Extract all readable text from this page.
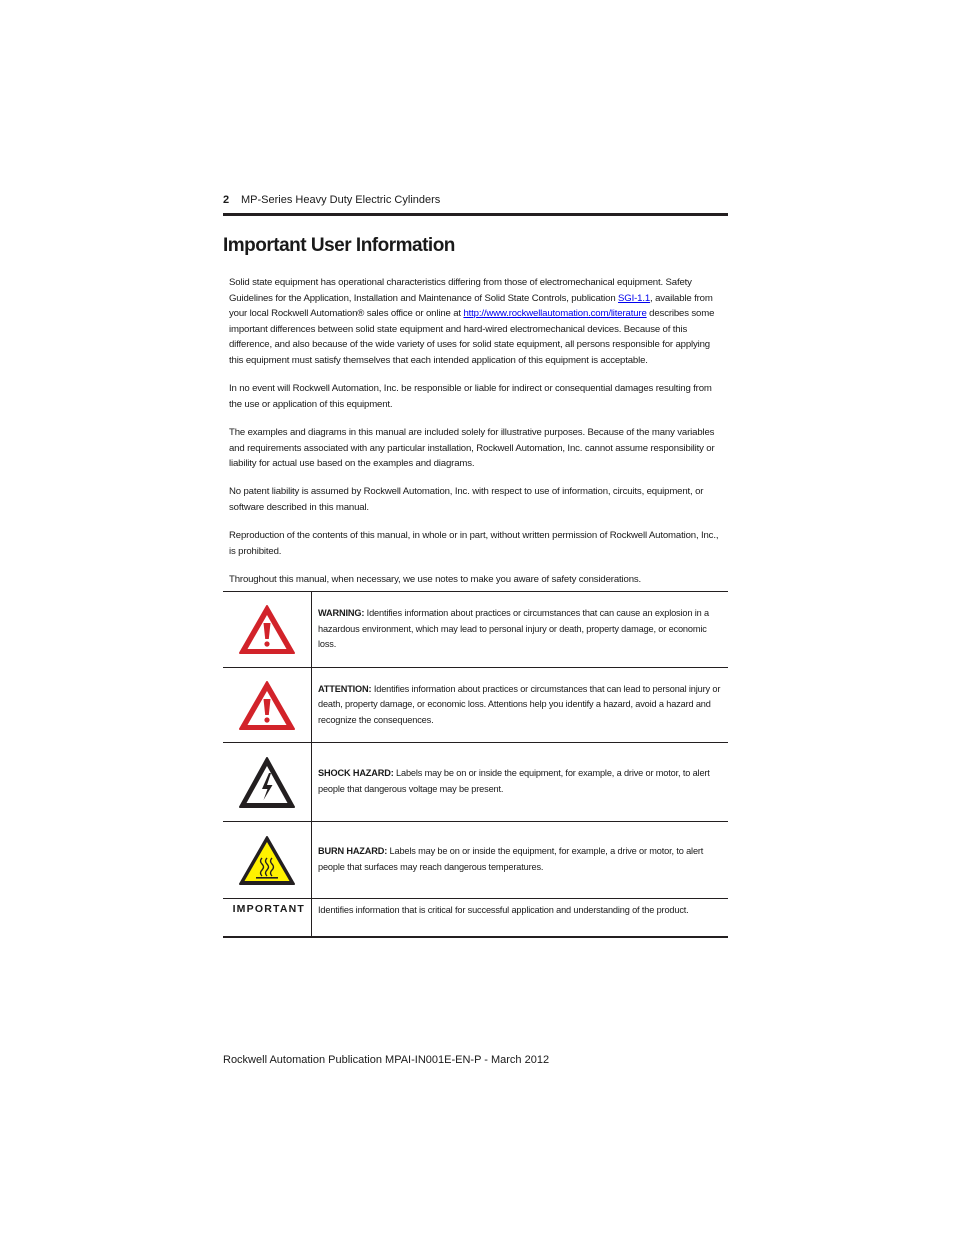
2 MP-Series Heavy Duty Electric Cylinders
Important User Information

Solid state equipment has operational characteristics differing from those of electromechanical equipment. Safety Guidelines for the Application, Installation and Maintenance of Solid State Controls, publication SGI-1.1, available from your local Rockwell Automation® sales office or online at http://www.rockwellautomation.com/literature describes some important differences between solid state equipment and hard-wired electromechanical devices. Because of this difference, and also because of the wide variety of uses for solid state equipment, all persons responsible for applying this equipment must satisfy themselves that each intended application of this equipment is acceptable.

In no event will Rockwell Automation, Inc. be responsible or liable for indirect or consequential damages resulting from the use or application of this equipment.

The examples and diagrams in this manual are included solely for illustrative purposes. Because of the many variables and requirements associated with any particular installation, Rockwell Automation, Inc. cannot assume responsibility or liability for actual use based on the examples and diagrams.

No patent liability is assumed by Rockwell Automation, Inc. with respect to use of information, circuits, equipment, or software described in this manual.

Reproduction of the contents of this manual, in whole or in part, without written permission of Rockwell Automation, Inc., is prohibited.

Throughout this manual, when necessary, we use notes to make you aware of safety considerations.

	WARNING: Identifies information about practices or circumstances that can cause an explosion in a hazardous environment, which may lead to personal injury or death, property damage, or economic loss.

	ATTENTION: Identifies information about practices or circumstances that can lead to personal injury or death, property damage, or economic loss. Attentions help you identify a hazard, avoid a hazard and recognize the consequences.

	SHOCK HAZARD: Labels may be on or inside the equipment, for example, a drive or motor, to alert people that dangerous voltage may be present.

	BURN HAZARD: Labels may be on or inside the equipment, for example, a drive or motor, to alert people that surfaces may reach dangerous temperatures.
IMPORTANT	Identifies information that is critical for successful application and understanding of the product.
Rockwell Automation Publication MPAI-IN001E-EN-P - March 2012
